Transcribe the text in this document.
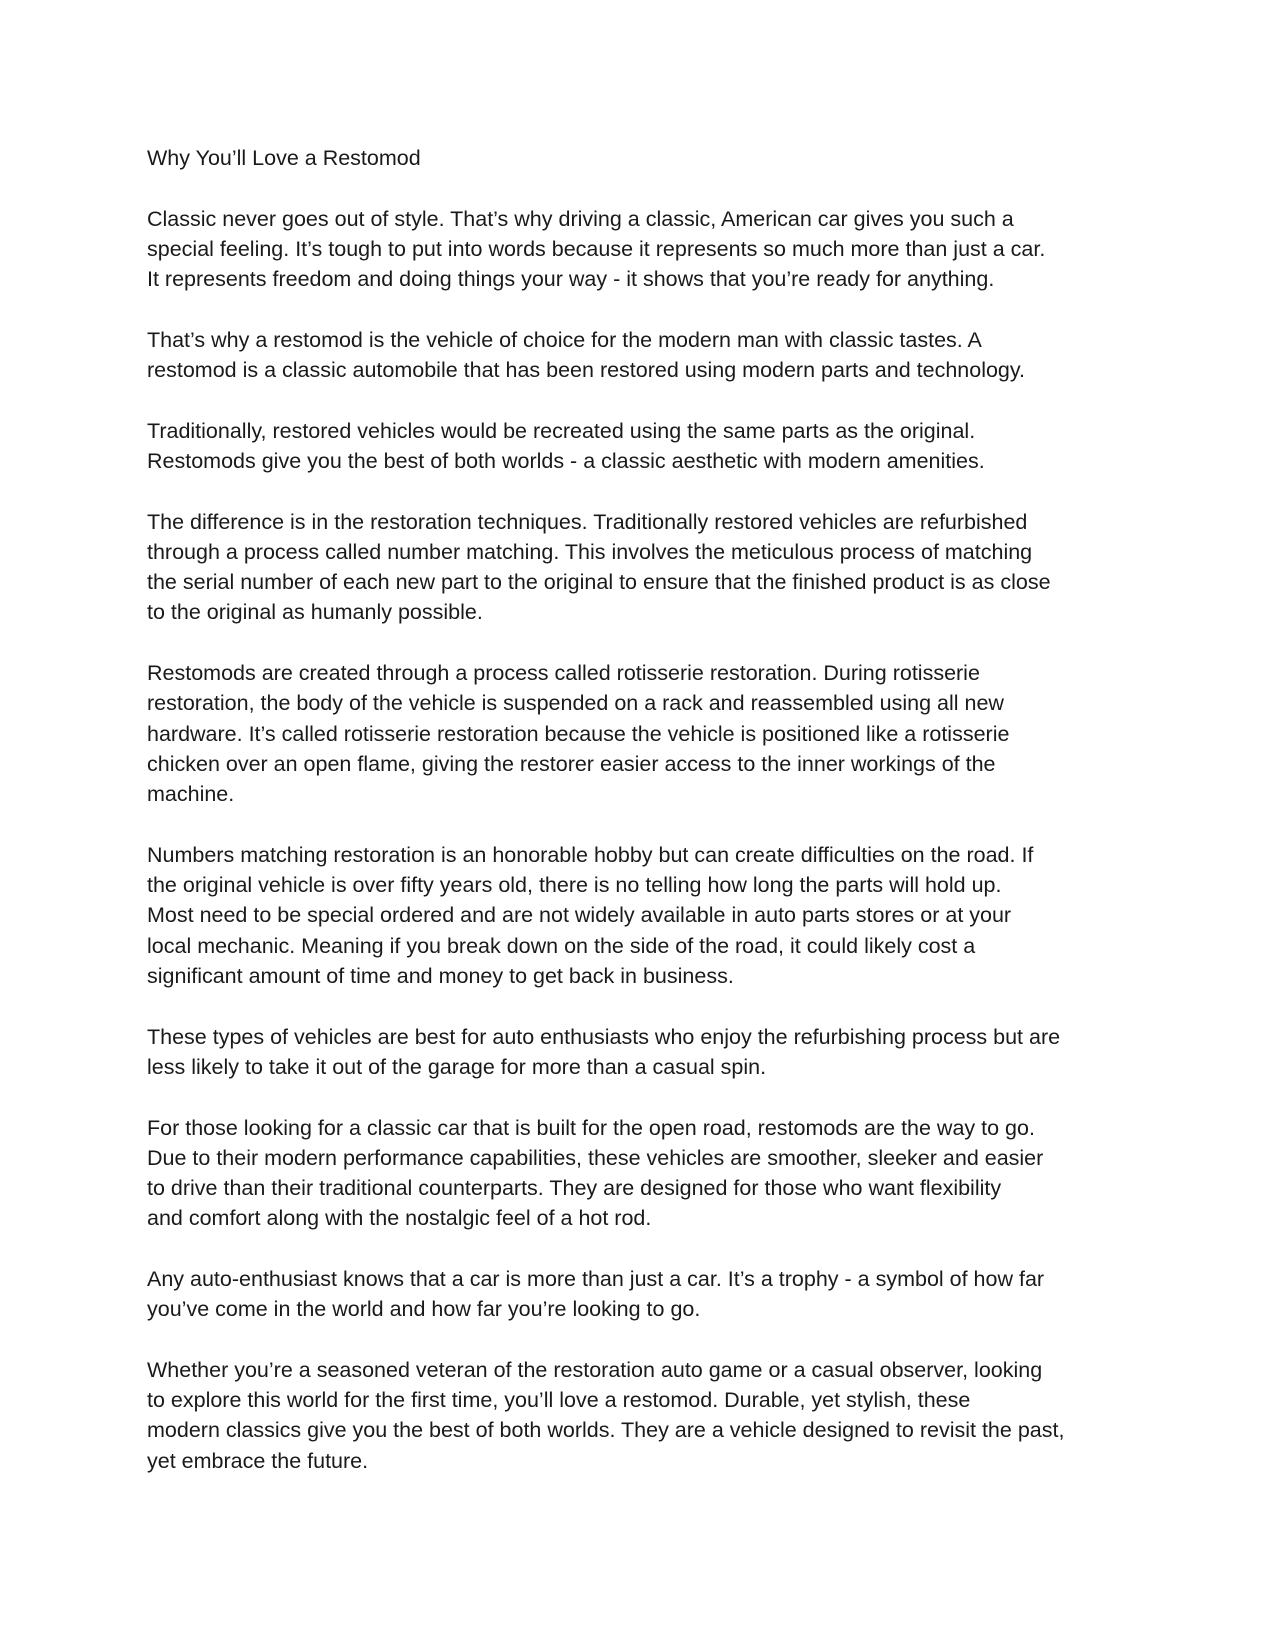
Why You’ll Love a Restomod

Classic never goes out of style. That’s why driving a classic, American car gives you such a
special feeling. It’s tough to put into words because it represents so much more than just a car.
It represents freedom and doing things your way - it shows that you’re ready for anything.

That’s why a restomod is the vehicle of choice for the modern man with classic tastes. A
restomod is a classic automobile that has been restored using modern parts and technology.

Traditionally, restored vehicles would be recreated using the same parts as the original.
Restomods give you the best of both worlds - a classic aesthetic with modern amenities.

The difference is in the restoration techniques. Traditionally restored vehicles are refurbished
through a process called number matching. This involves the meticulous process of matching
the serial number of each new part to the original to ensure that the finished product is as close
to the original as humanly possible.

Restomods are created through a process called rotisserie restoration. During rotisserie
restoration, the body of the vehicle is suspended on a rack and reassembled using all new
hardware. It’s called rotisserie restoration because the vehicle is positioned like a rotisserie
chicken over an open flame, giving the restorer easier access to the inner workings of the
machine.

Numbers matching restoration is an honorable hobby but can create difficulties on the road. If
the original vehicle is over fifty years old, there is no telling how long the parts will hold up.
Most need to be special ordered and are not widely available in auto parts stores or at your
local mechanic. Meaning if you break down on the side of the road, it could likely cost a
significant amount of time and money to get back in business.

These types of vehicles are best for auto enthusiasts who enjoy the refurbishing process but are
less likely to take it out of the garage for more than a casual spin.

For those looking for a classic car that is built for the open road, restomods are the way to go.
Due to their modern performance capabilities, these vehicles are smoother, sleeker and easier
to drive than their traditional counterparts. They are designed for those who want flexibility
and comfort along with the nostalgic feel of a hot rod.

Any auto-enthusiast knows that a car is more than just a car. It’s a trophy - a symbol of how far
you’ve come in the world and how far you’re looking to go.

Whether you’re a seasoned veteran of the restoration auto game or a casual observer, looking
to explore this world for the first time, you’ll love a restomod. Durable, yet stylish, these
modern classics give you the best of both worlds. They are a vehicle designed to revisit the past,
yet embrace the future.
